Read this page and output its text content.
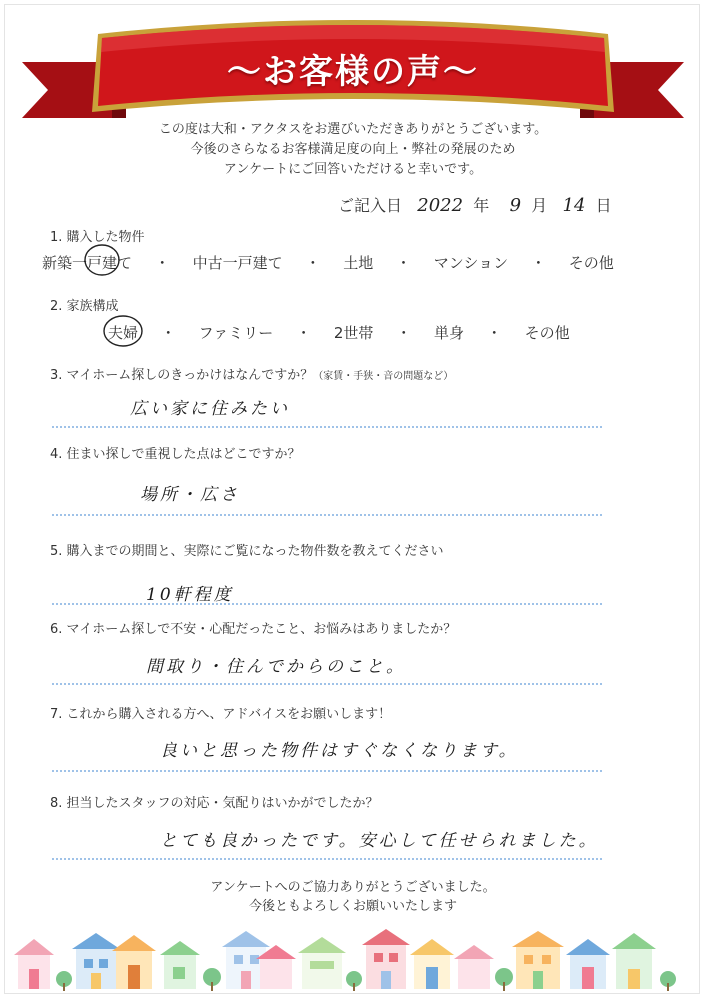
〜お客様の声〜
この度は大和・アクタスをお選びいただきありがとうございます。
今後のさらなるお客様満足度の向上・弊社の発展のため
アンケートにご回答いただけると幸いです。
ご記入日 2022 年 9 月 14 日
1. 購入した物件
新築一戸建て ・ 中古一戸建て ・ 土地 ・ マンション ・ その他
2. 家族構成
夫婦 ・ ファミリー ・ 2世帯 ・ 単身 ・ その他
3. マイホーム探しのきっかけはなんですか？（家賃・手狭・音の問題など）
広い家に住みたい
4. 住まい探しで重視した点はどこですか？
場所・広さ
5. 購入までの期間と、実際にご覧になった物件数を教えてください
10軒程度
6. マイホーム探しで不安・心配だったこと、お悩みはありましたか？
間取り・住んでからのこと。
7. これから購入される方へ、アドバイスをお願いします！
良いと思った物件はすぐなくなります。
8. 担当したスタッフの対応・気配りはいかがでしたか？
とても良かったです。安心して任せられました。
アンケートへのご協力ありがとうございました。
今後ともよろしくお願いいたします
